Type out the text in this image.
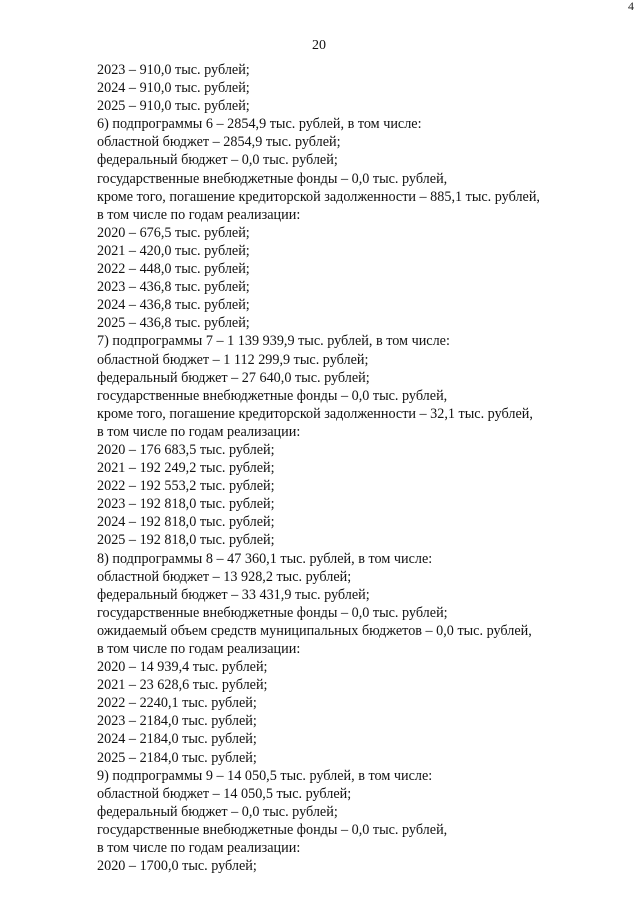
4
20
2023 – 910,0 тыс. рублей;
2024 – 910,0 тыс. рублей;
2025 – 910,0 тыс. рублей;
6) подпрограммы 6 – 2854,9 тыс. рублей, в том числе:
областной бюджет – 2854,9 тыс. рублей;
федеральный бюджет – 0,0 тыс. рублей;
государственные внебюджетные фонды – 0,0 тыс. рублей,
кроме того, погашение кредиторской задолженности – 885,1 тыс. рублей,
в том числе по годам реализации:
2020 – 676,5 тыс. рублей;
2021 – 420,0 тыс. рублей;
2022 – 448,0 тыс. рублей;
2023 – 436,8 тыс. рублей;
2024 – 436,8 тыс. рублей;
2025 – 436,8 тыс. рублей;
7) подпрограммы 7 – 1 139 939,9 тыс. рублей, в том числе:
областной бюджет – 1 112 299,9 тыс. рублей;
федеральный бюджет – 27 640,0 тыс. рублей;
государственные внебюджетные фонды – 0,0 тыс. рублей,
кроме того, погашение кредиторской задолженности – 32,1 тыс. рублей,
в том числе по годам реализации:
2020 – 176 683,5 тыс. рублей;
2021 – 192 249,2 тыс. рублей;
2022 – 192 553,2 тыс. рублей;
2023 – 192 818,0 тыс. рублей;
2024 – 192 818,0 тыс. рублей;
2025 – 192 818,0 тыс. рублей;
8) подпрограммы 8 – 47 360,1 тыс. рублей, в том числе:
областной бюджет – 13 928,2 тыс. рублей;
федеральный бюджет – 33 431,9 тыс. рублей;
государственные внебюджетные фонды – 0,0 тыс. рублей;
ожидаемый объем средств муниципальных бюджетов – 0,0 тыс. рублей,
в том числе по годам реализации:
2020 – 14 939,4 тыс. рублей;
2021 – 23 628,6 тыс. рублей;
2022 – 2240,1 тыс. рублей;
2023 – 2184,0 тыс. рублей;
2024 – 2184,0 тыс. рублей;
2025 – 2184,0 тыс. рублей;
9) подпрограммы 9 – 14 050,5 тыс. рублей, в том числе:
областной бюджет – 14 050,5 тыс. рублей;
федеральный бюджет – 0,0 тыс. рублей;
государственные внебюджетные фонды – 0,0 тыс. рублей,
в том числе по годам реализации:
2020 – 1700,0 тыс. рублей;
